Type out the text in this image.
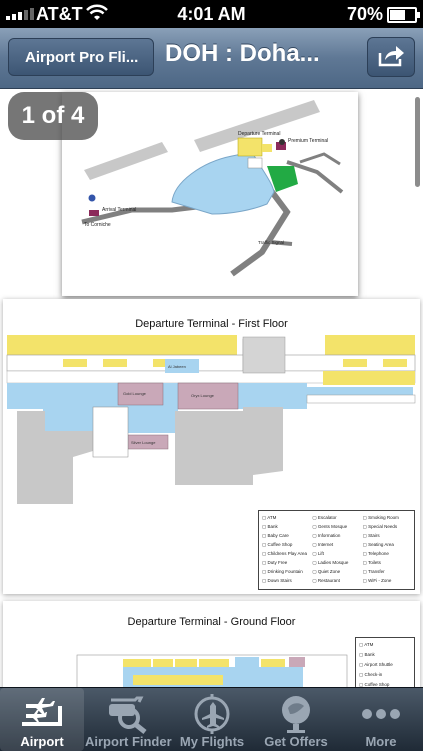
AT&T	4:01 AM	70%
Airport Pro Fli...	DOH : Doha...
Departure Terminal
Premium Terminal
Arrival Terminal
To Corniche
Traffic Signal
Departure Terminal - First Floor
Gold Lounge	Oryx Lounge
Silver Lounge
Al Jabeen
▢ ATM	▢ Escalator	▢ Smoking Room
▢ Bank	▢ Gents Mosque	▢ Special Needs
▢ Baby Care	▢ Information	▢ Stairs
▢ Coffee Shop	▢ Internet	▢ Seating Area
▢ Childrens Play Area	▢ Lift	▢ Telephone
▢ Duty Free	▢ Ladies Mosque	▢ Toilets
▢ Drinking Fountain	▢ Quiet Zone	▢ Transfer
▢ Down Stairs	▢ Restaurant	▢ WiFi - Zone
Departure Terminal - Ground Floor
▢ ATM
▢ Bank
▢ Airport Shuttle
▢ Check-in
▢ Coffee Shop
1 of 4
Airport	Airport Finder My Flights	Get Offers	More
